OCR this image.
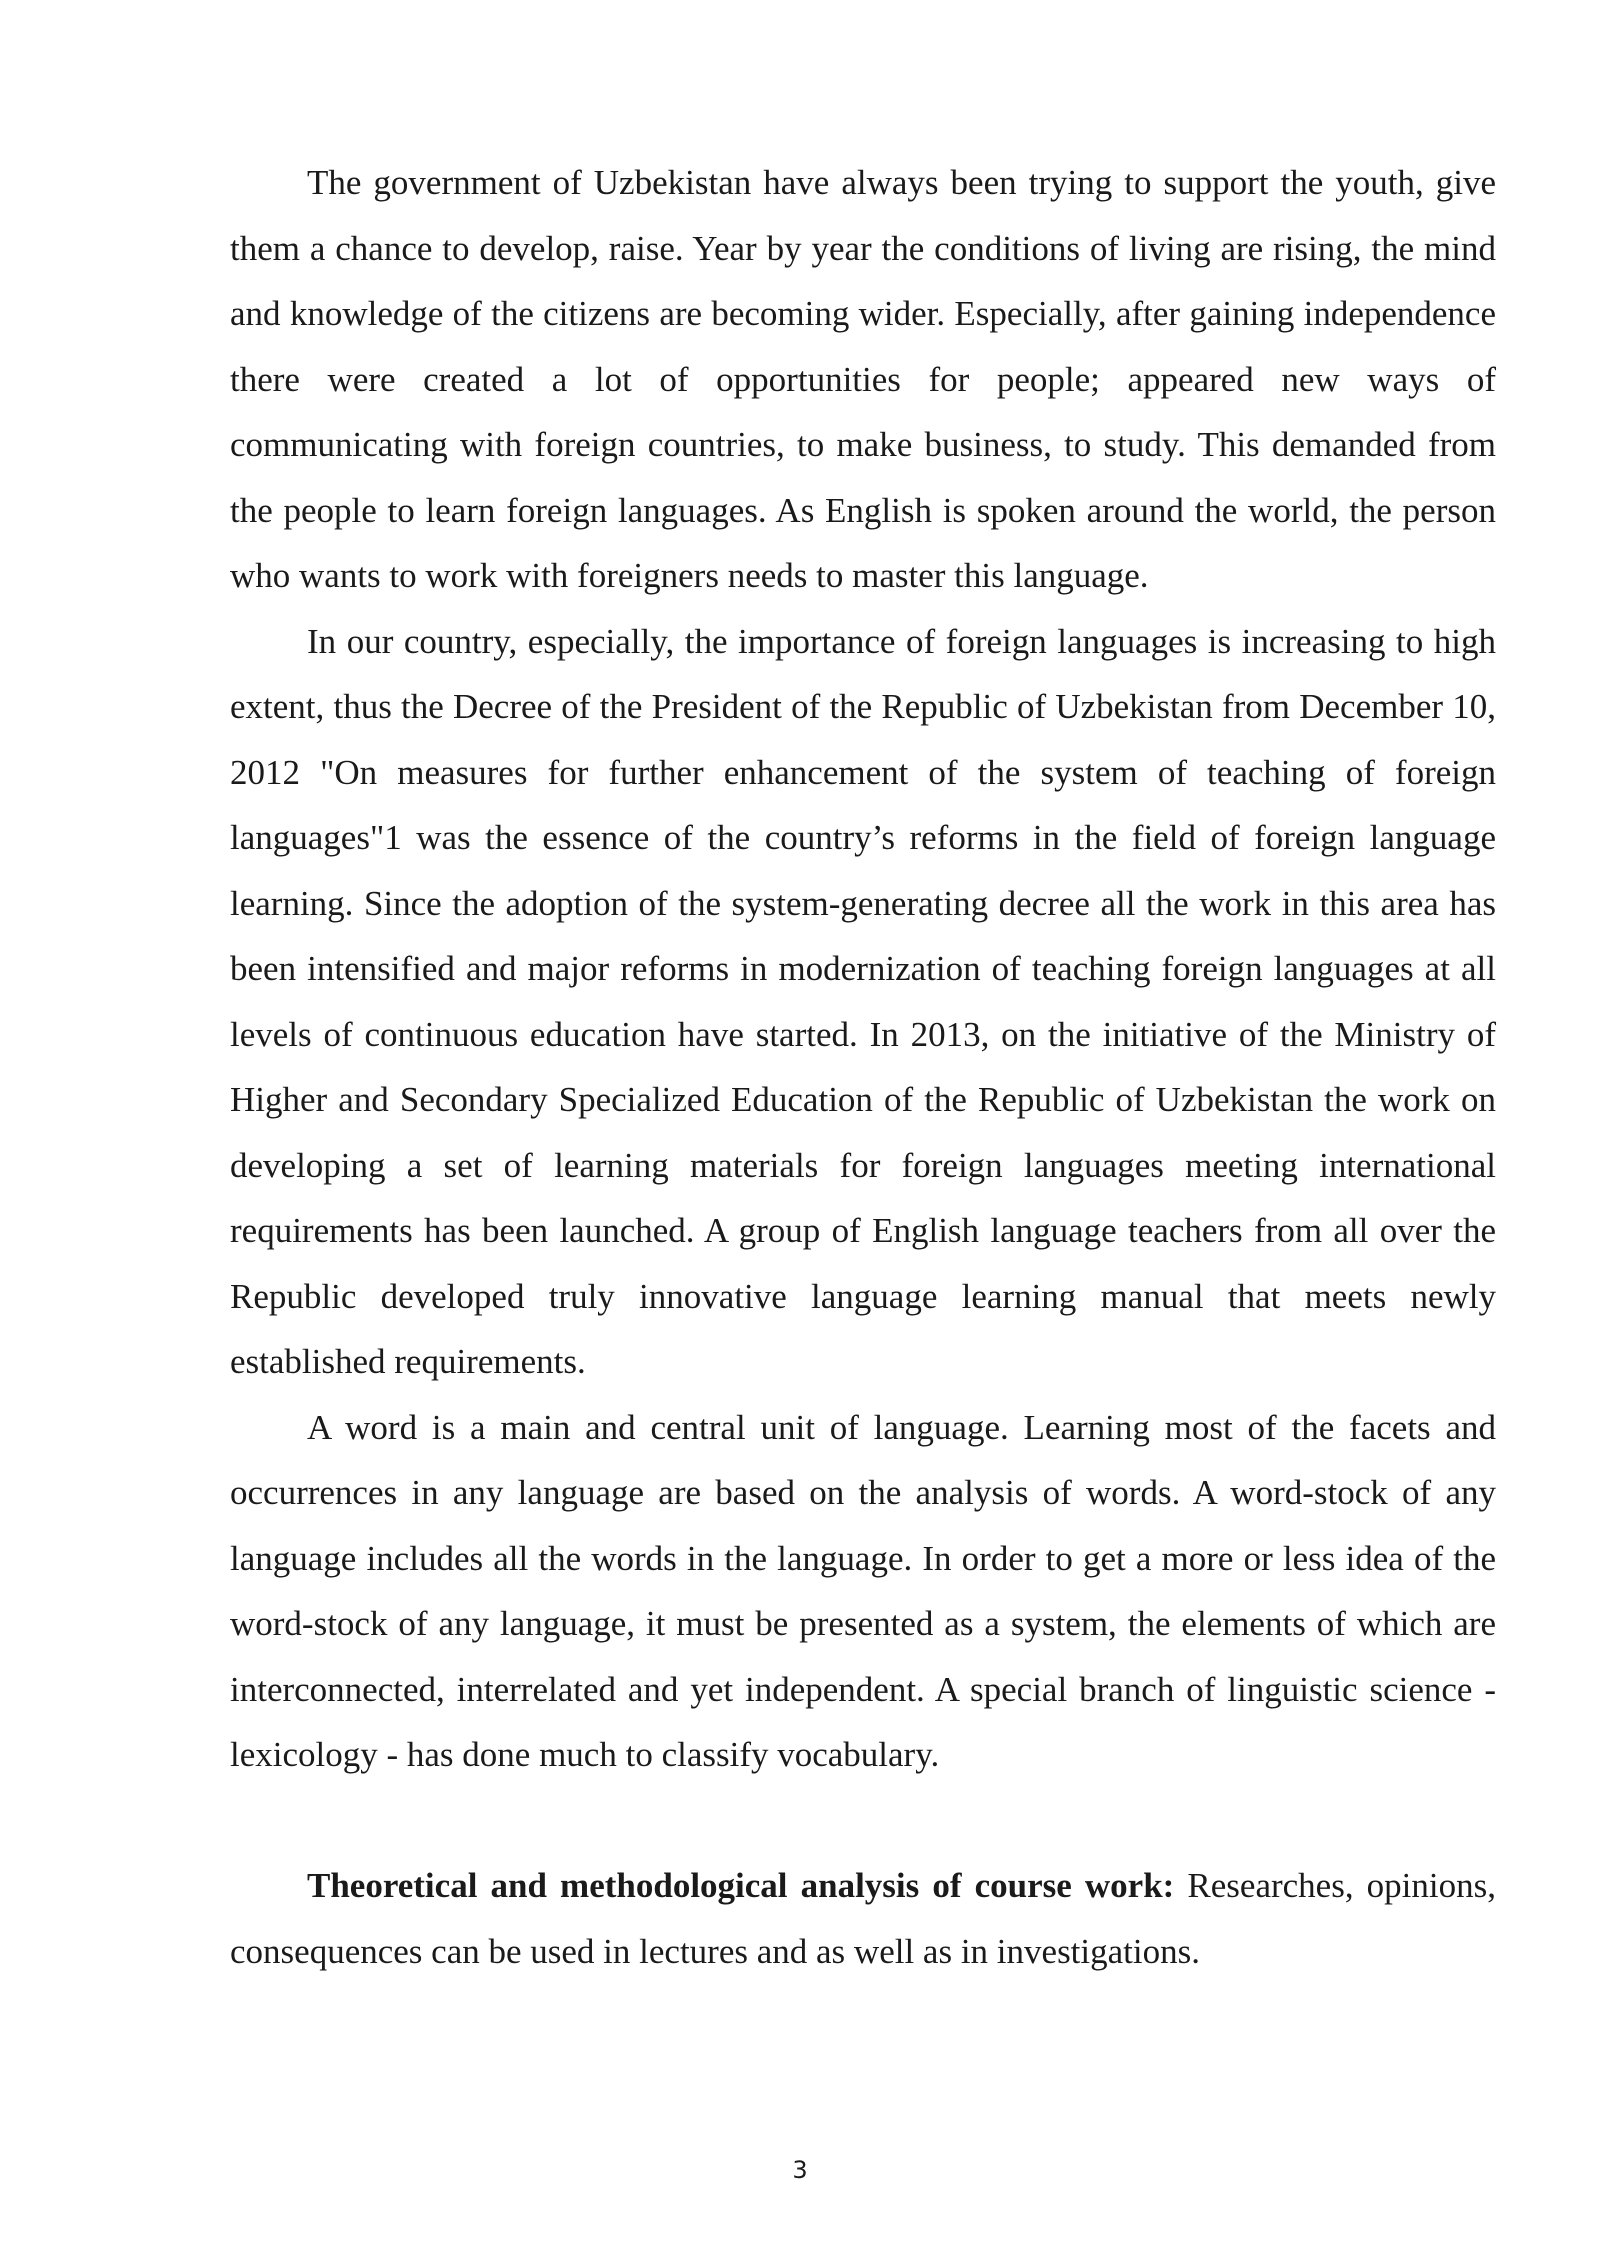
The government of Uzbekistan have always been trying to support the youth, give them a chance to develop, raise. Year by year the conditions of living are rising, the mind and knowledge of the citizens are becoming wider. Especially, after gaining independence there were created a lot of opportunities for people; appeared new ways of communicating with foreign countries, to make business, to study. This demanded from the people to learn foreign languages. As English is spoken around the world, the person who wants to work with foreigners needs to master this language.

In our country, especially, the importance of foreign languages is increasing to high extent, thus the Decree of the President of the Republic of Uzbekistan from December 10, 2012 "On measures for further enhancement of the system of teaching of foreign languages"1 was the essence of the country’s reforms in the field of foreign language learning. Since the adoption of the system-generating decree all the work in this area has been intensified and major reforms in modernization of teaching foreign languages at all levels of continuous education have started. In 2013, on the initiative of the Ministry of Higher and Secondary Specialized Education of the Republic of Uzbekistan the work on developing a set of learning materials for foreign languages meeting international requirements has been launched. A group of English language teachers from all over the Republic developed truly innovative language learning manual that meets newly established requirements.

A word is a main and central unit of language. Learning most of the facets and occurrences in any language are based on the analysis of words. A word-stock of any language includes all the words in the language. In order to get a more or less idea of the word-stock of any language, it must be presented as a system, the elements of which are interconnected, interrelated and yet independent. A special branch of linguistic science - lexicology - has done much to classify vocabulary.

Theoretical and methodological analysis of course work: Researches, opinions, consequences can be used in lectures and as well as in investigations.

3
